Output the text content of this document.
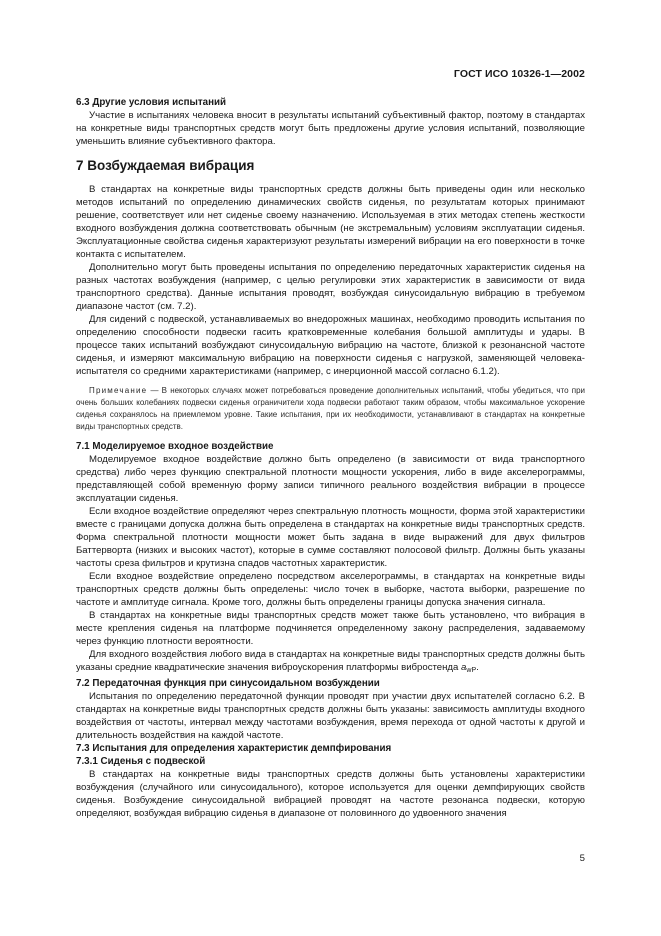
ГОСТ ИСО 10326-1—2002
6.3 Другие условия испытаний

Участие в испытаниях человека вносит в результаты испытаний субъективный фактор, поэтому в стандартах на конкретные виды транспортных средств могут быть предложены другие условия испытаний, позволяющие уменьшить влияние субъективного фактора.

7 Возбуждаемая вибрация

В стандартах на конкретные виды транспортных средств должны быть приведены один или несколько методов испытаний по определению динамических свойств сиденья, по результатам которых принимают решение, соответствует или нет сиденье своему назначению. Используемая в этих методах степень жесткости входного возбуждения должна соответствовать обычным (не экстремальным) условиям эксплуатации сиденья. Эксплуатационные свойства сиденья характеризуют результаты измерений вибрации на его поверхности в точке контакта с испытателем.

Дополнительно могут быть проведены испытания по определению передаточных характеристик сиденья на разных частотах возбуждения (например, с целью регулировки этих характеристик в зависимости от вида транспортного средства). Данные испытания проводят, возбуждая синусоидальную вибрацию в требуемом диапазоне частот (см. 7.2).

Для сидений с подвеской, устанавливаемых во внедорожных машинах, необходимо проводить испытания по определению способности подвески гасить кратковременные колебания большой амплитуды и удары. В процессе таких испытаний возбуждают синусоидальную вибрацию на частоте, близкой к резонансной частоте сиденья, и измеряют максимальную вибрацию на поверхности сиденья с нагрузкой, заменяющей человека-испытателя со средними характеристиками (например, с инерционной массой согласно 6.1.2).

Примечание — В некоторых случаях может потребоваться проведение дополнительных испытаний, чтобы убедиться, что при очень больших колебаниях подвески сиденья ограничители хода подвески работают таким образом, чтобы максимальное ускорение сиденья сохранялось на приемлемом уровне. Такие испытания, при их необходимости, устанавливают в стандартах на конкретные виды транспортных средств.
7.1 Моделируемое входное воздействие

Моделируемое входное воздействие должно быть определено (в зависимости от вида транспортного средства) либо через функцию спектральной плотности мощности ускорения, либо в виде акселерограммы, представляющей собой временную форму записи типичного реального воздействия вибрации в процессе эксплуатации сиденья.

Если входное воздействие определяют через спектральную плотность мощности, форма этой характеристики вместе с границами допуска должна быть определена в стандартах на конкретные виды транспортных средств. Форма спектральной плотности мощности может быть задана в виде выражений для двух фильтров Баттерворта (низких и высоких частот), которые в сумме составляют полосовой фильтр. Должны быть указаны частоты среза фильтров и крутизна спадов частотных характеристик.

Если входное воздействие определено посредством акселерограммы, в стандартах на конкретные виды транспортных средств должны быть определены: число точек в выборке, частота выборки, разрешение по частоте и амплитуде сигнала. Кроме того, должны быть определены границы допуска значения сигнала.

В стандартах на конкретные виды транспортных средств может также быть установлено, что вибрация в месте крепления сиденья на платформе подчиняется определенному закону распределения, задаваемому через функцию плотности вероятности.

Для входного воздействия любого вида в стандартах на конкретные виды транспортных средств должны быть указаны средние квадратические значения виброускорения платформы вибростенда $a_{wP}$.

7.2 Передаточная функция при синусоидальном возбуждении

Испытания по определению передаточной функции проводят при участии двух испытателей согласно 6.2. В стандартах на конкретные виды транспортных средств должны быть указаны: зависимость амплитуды входного воздействия от частоты, интервал между частотами возбуждения, время перехода от одной частоты к другой и длительность воздействия на каждой частоте.

7.3 Испытания для определения характеристик демпфирования
7.3.1 Сиденья с подвеской

В стандартах на конкретные виды транспортных средств должны быть установлены характеристики возбуждения (случайного или синусоидального), которое используется для оценки демпфирующих свойств сиденья. Возбуждение синусоидальной вибрацией проводят на частоте резонанса подвески, которую определяют, возбуждая вибрацию сиденья в диапазоне от половинного до удвоенного значения

5
